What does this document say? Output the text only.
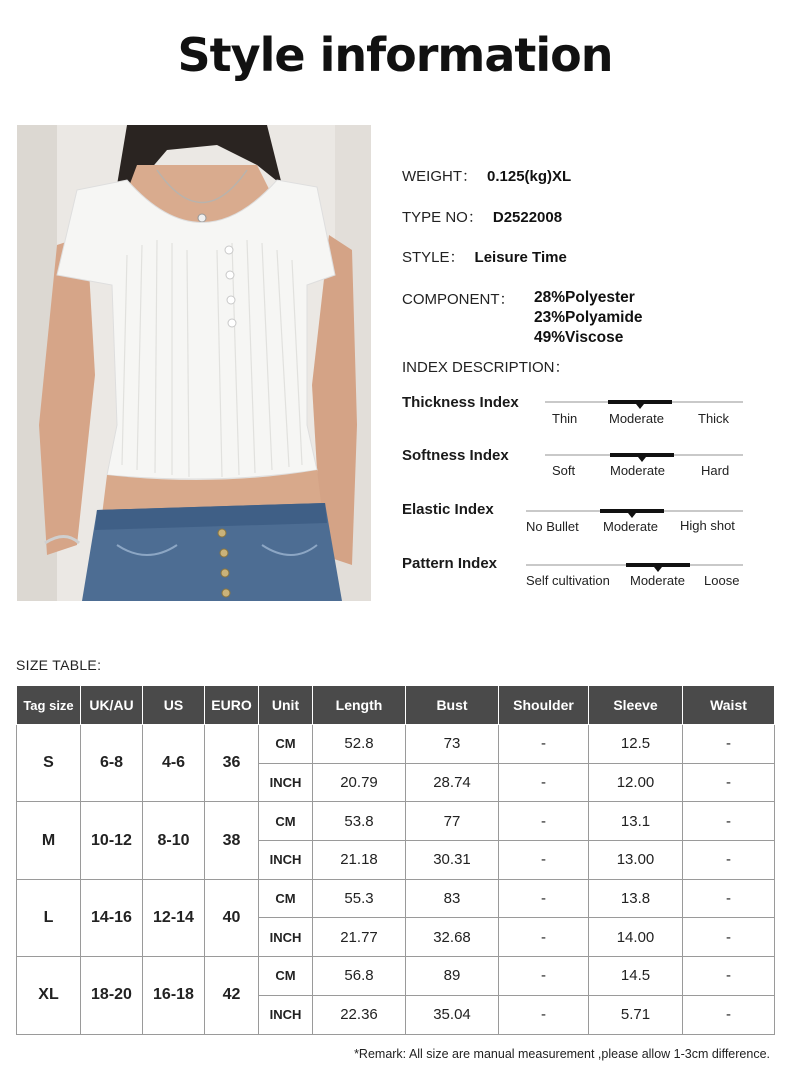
Style information
WEIGHT： 0.125(kg)XL
TYPE NO： D2522008
STYLE： Leisure Time
COMPONENT： 28%Polyester
23%Polyamide
49%Viscose
INDEX DESCRIPTION：
Thickness Index
Thin Moderate	Thick
Softness Index
Soft	Moderate	Hard
Elastic Index
No Bullet Moderate High shot
Pattern Index
Self cultivation Moderate Loose
SIZE TABLE:
Tag size	UK/AU	US	EURO	Unit	Length	Bust	Shoulder	Sleeve	Waist
S	6-8	4-6	36	CM	52.8	73	-	12.5	-
				INCH	20.79	28.74	-	12.00	-
M	10-12	8-10	38	CM	53.8	77	-	13.1	-
				INCH	21.18	30.31	-	13.00	-
L	14-16	12-14	40	CM	55.3	83	-	13.8	-
				INCH	21.77	32.68	-	14.00	-
XL	18-20	16-18	42	CM	56.8	89	-	14.5	-
				INCH	22.36	35.04	-	5.71	-
*Remark: All size are manual measurement ,please allow 1-3cm difference.
